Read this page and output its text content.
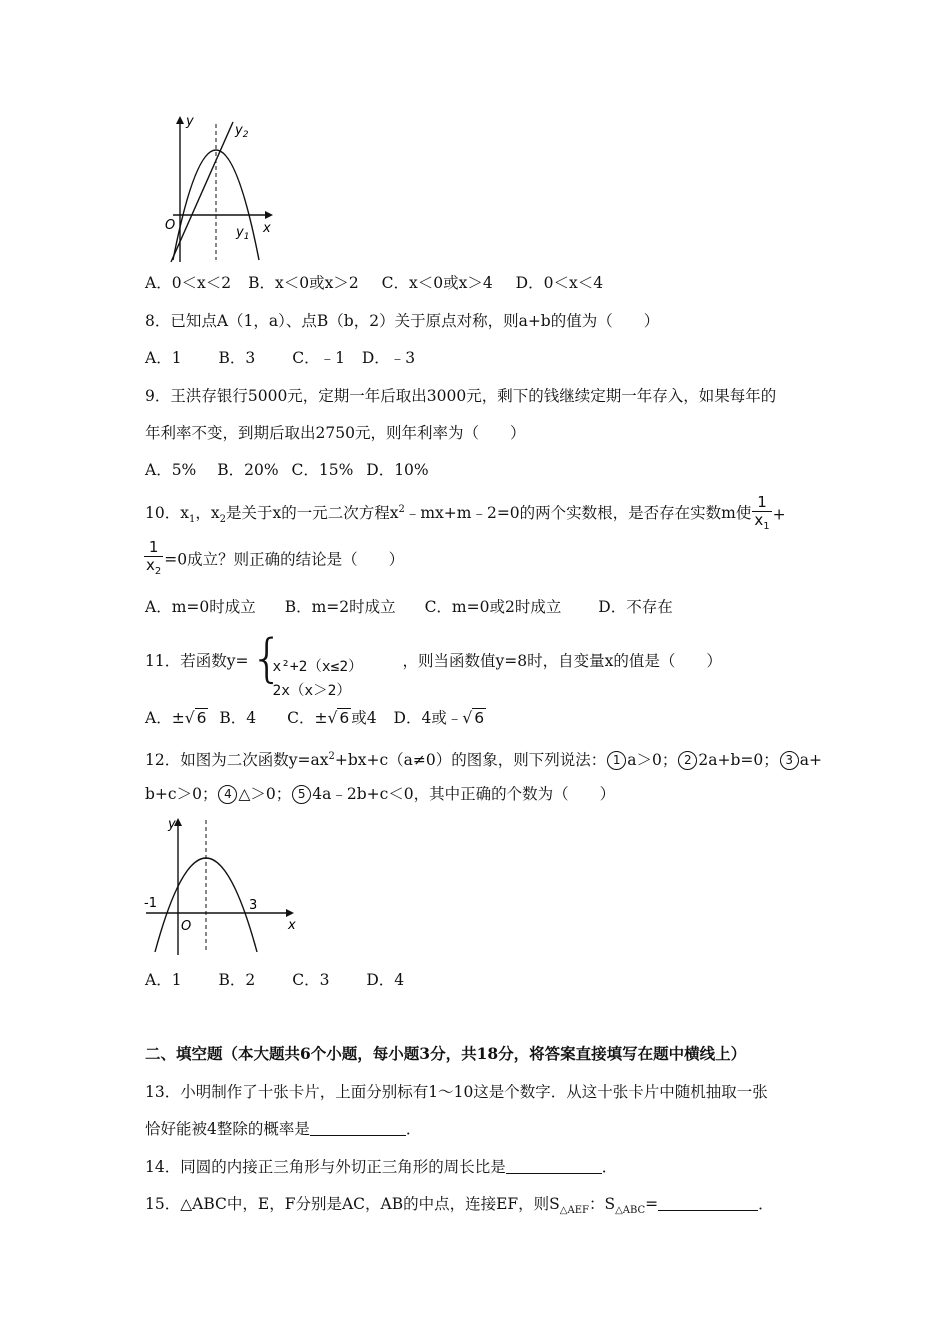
y
$y_2$
O	$y_1$
x
A．0＜x＜2 B．x＜0或x＞2 C．x＜0或x＞4 D．0＜x＜4
8．已知点A（1，a）、点B（b，2）关于原点对称，则a+b的值为（　　）
A．1 B．3 C．﹣1 D．﹣3
9．王洪存银行5000元，定期一年后取出3000元，剩下的钱继续定期一年存入，如果每年的
年利率不变，到期后取出2750元，则年利率为（　　）
A．5% B．20% C．15% D．10%
10．$x_1$，$x_2$是关于x的一元二次方程$x^2﹣mx+m﹣2=0$的两个实数根，是否存在实数m使 $\frac{1}{x_1}$ +
$\frac{1}{x_2} =0$成立？则正确的结论是（　　）
A．m=0时成立 B．m=2时成立 C．m=0或2时成立 D．不存在
11．若函数y= {
x²+2（x≤2）
2x（x＞2）
，则当函数值y=8时，自变量x的值是（　　）
A．±√ 6 B．4 C．±√ 6 或4 D．4或﹣√ 6
12．如图为二次函数$y=ax^2+bx+c(a\ne 0)$的图象，则下列说法： 1 a＞0； 2 2a+b=0； 3 a+
b+c＞0； 4 △＞0； 5 4a﹣2b+c＜0，其中正确的个数为（　　）
y
-1	3
O	x
A．1 B．2 C．3 D．4
二、填空题（本大题共6个小题，每小题3分，共18分，将答案直接填写在题中横线上）
13．小明制作了十张卡片，上面分别标有1～10这是个数字．从这十张卡片中随机抽取一张
恰好能被4整除的概率是	．
14．同圆的内接正三角形与外切正三角形的周长比是	．
15．△ABC中，E，F分别是AC，AB的中点，连接EF，则$S_{\triangle AEF}$：$S_{\triangle ABC}=$	．
